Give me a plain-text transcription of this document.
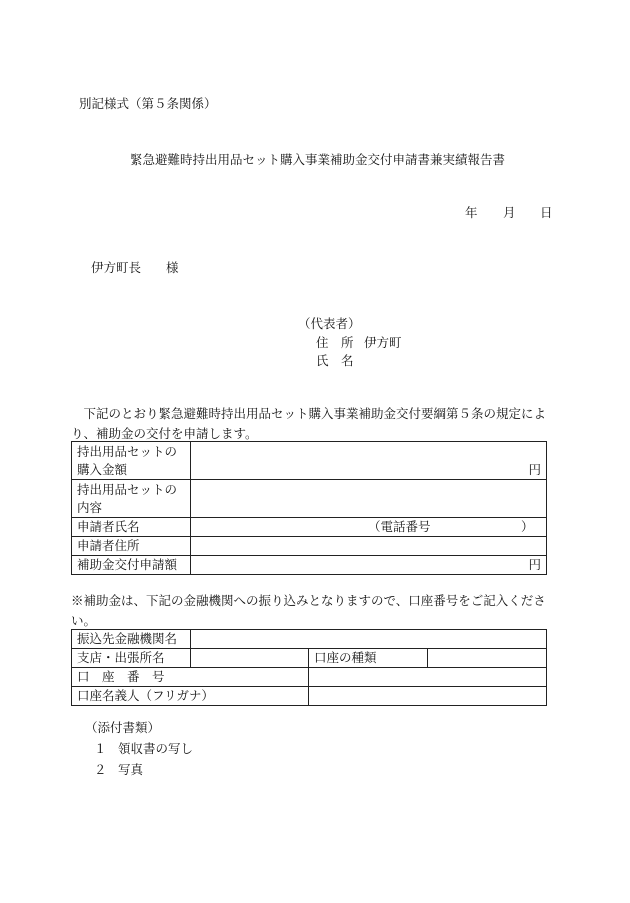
別記様式（第５条関係）
緊急避難時持出用品セット購入事業補助金交付申請書兼実績報告書
年 月 日
伊方町長　　様
（代表者）
住　所 伊方町
氏　名
下記のとおり緊急避難時持出用品セット購入事業補助金交付要綱第５条の規定により、補助金の交付を申請します。
持出用品セットの
購入金額	円

持出用品セットの
内容	

申請者氏名	（電話番号 ）

申請者住所	
補助金交付申請額	円
※補助金は、下記の金融機関への振り込みとなりますので、口座番号をご記入ください。
振込先金融機関名			
支店・出張所名		口座の種類	
口　座　番　号			
口座名義人（フリガナ）			
（添付書類）
１ 領収書の写し
２ 写真
